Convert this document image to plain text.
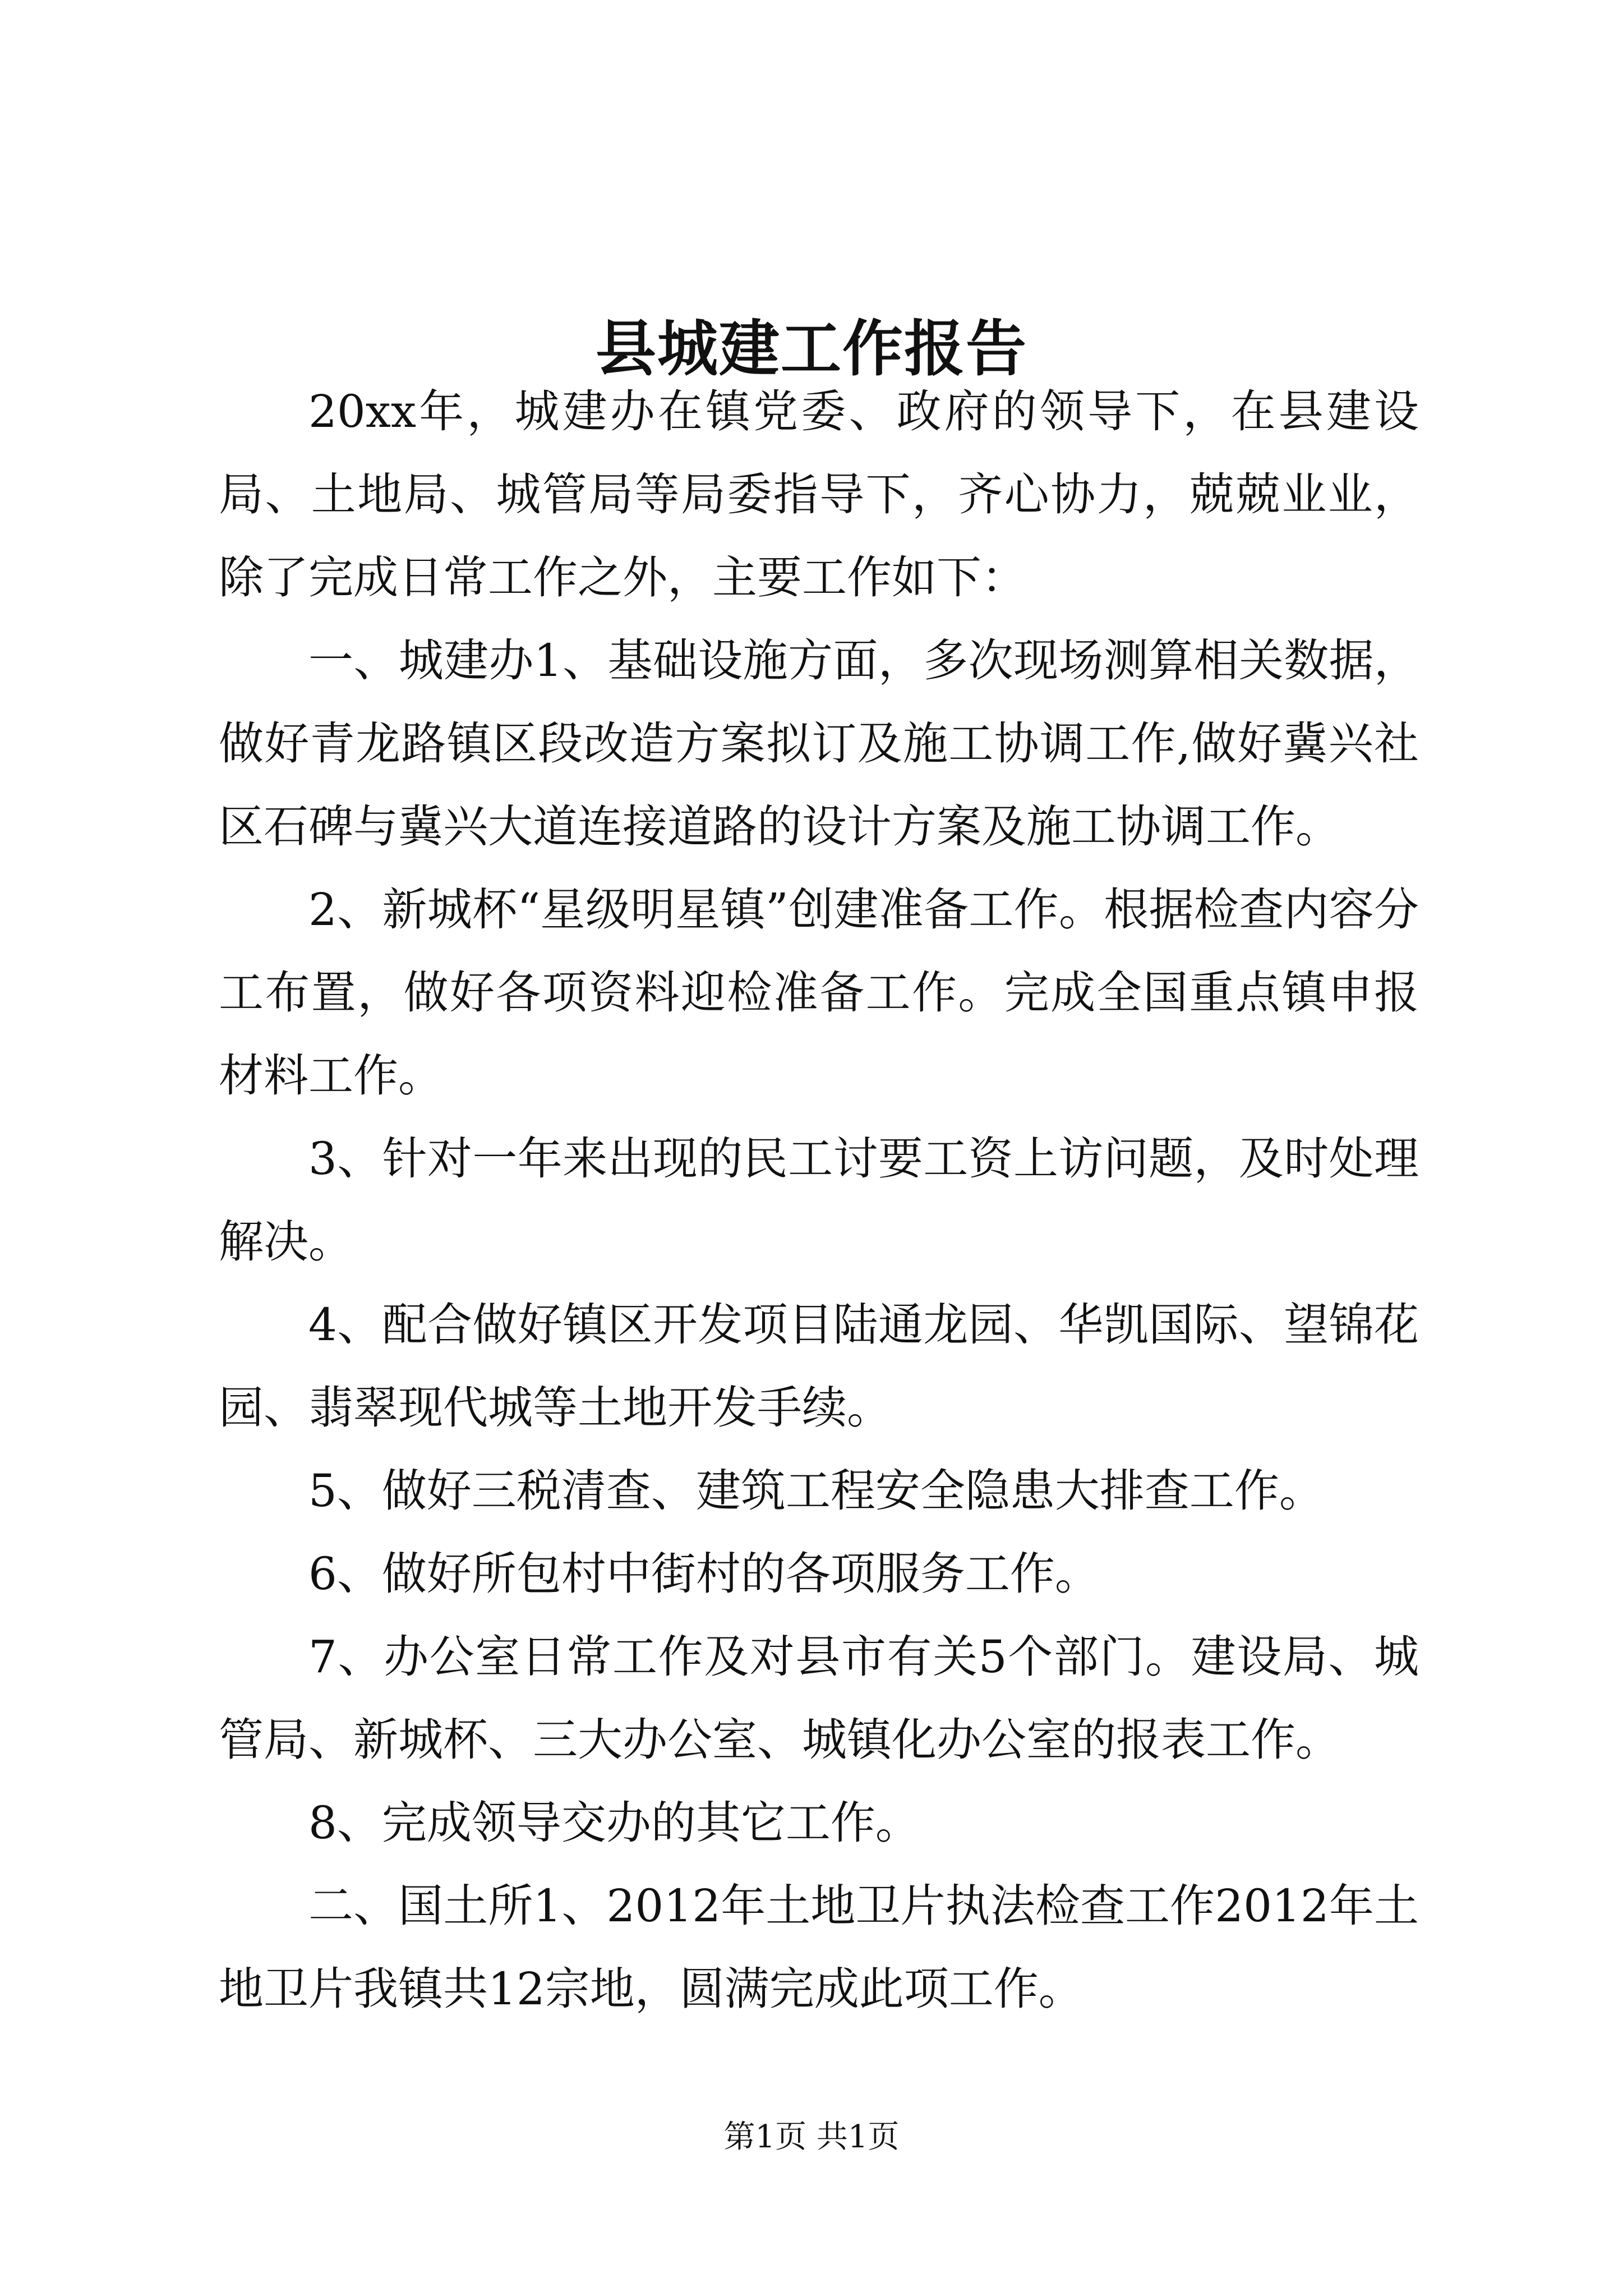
县城建工作报告

20xx年，城建办在镇党委、政府的领导下，在县建设局、土地局、城管局等局委指导下，齐心协力，兢兢业业，除了完成日常工作之外，主要工作如下：

一、城建办1、基础设施方面，多次现场测算相关数据，做好青龙路镇区段改造方案拟订及施工协调工作,做好冀兴社区石碑与冀兴大道连接道路的设计方案及施工协调工作。

2、新城杯“星级明星镇”创建准备工作。根据检查内容分工布置，做好各项资料迎检准备工作。完成全国重点镇申报材料工作。

3、针对一年来出现的民工讨要工资上访问题，及时处理解决。

4、配合做好镇区开发项目陆通龙园、华凯国际、望锦花园、翡翠现代城等土地开发手续。

5、做好三税清查、建筑工程安全隐患大排查工作。

6、做好所包村中街村的各项服务工作。

7、办公室日常工作及对县市有关5个部门。建设局、城管局、新城杯、三大办公室、城镇化办公室的报表工作。

8、完成领导交办的其它工作。

二、国土所1、2012年土地卫片执法检查工作2012年土地卫片我镇共12宗地，圆满完成此项工作。

第1页 共1页
